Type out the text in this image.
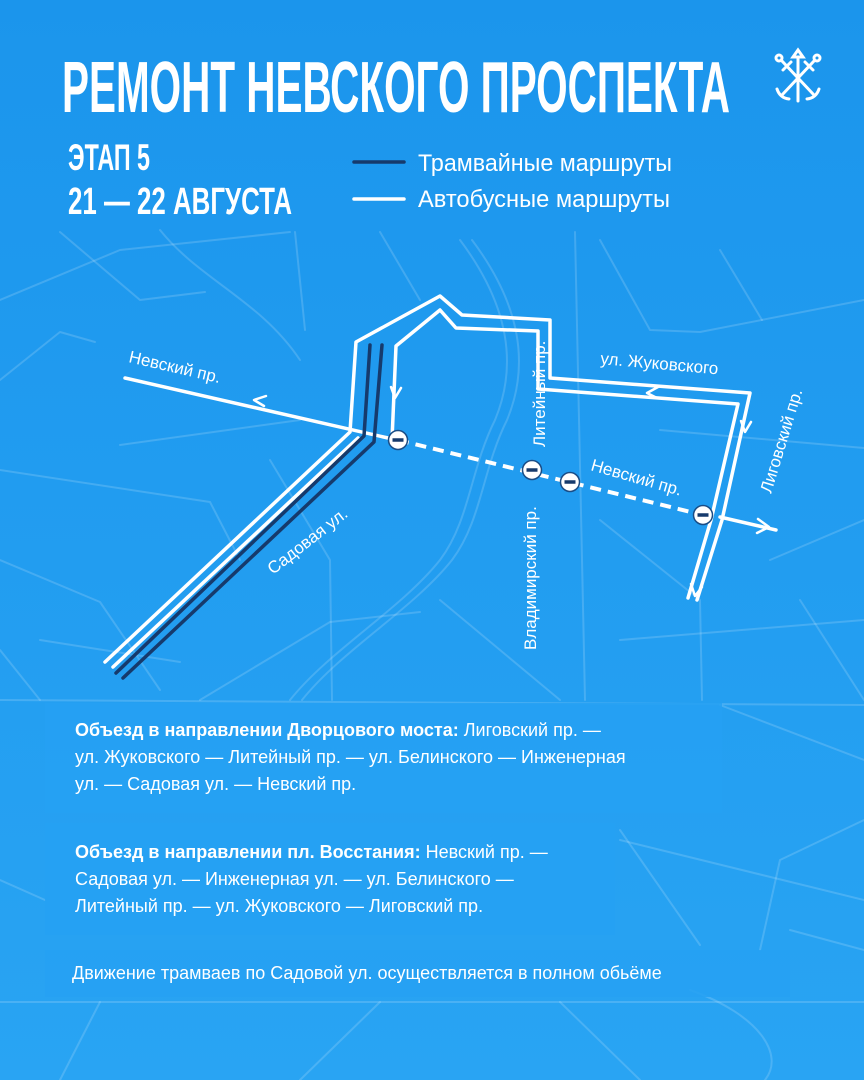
РЕМОНТ НЕВСКОГО ПРОСПЕКТА
ЭТАП 5
21 — 22 АВГУСТА
Трамвайные маршруты
Автобусные маршруты
Невский пр.
Садовая ул.
Литейный пр.	ул. Жуковского
Лиговский пр.
Невский пр.
Владимирский пр.
Объезд в направлении Дворцового моста: Лиговский пр. —
ул. Жуковского — Литейный пр. — ул. Белинского — Инженерная
ул. — Садовая ул. — Невский пр.
Объезд в направлении пл. Восстания: Невский пр. —
Садовая ул. — Инженерная ул. — ул. Белинского —
Литейный пр. — ул. Жуковского — Лиговский пр.
Движение трамваев по Садовой ул. осуществляется в полном обьёме
